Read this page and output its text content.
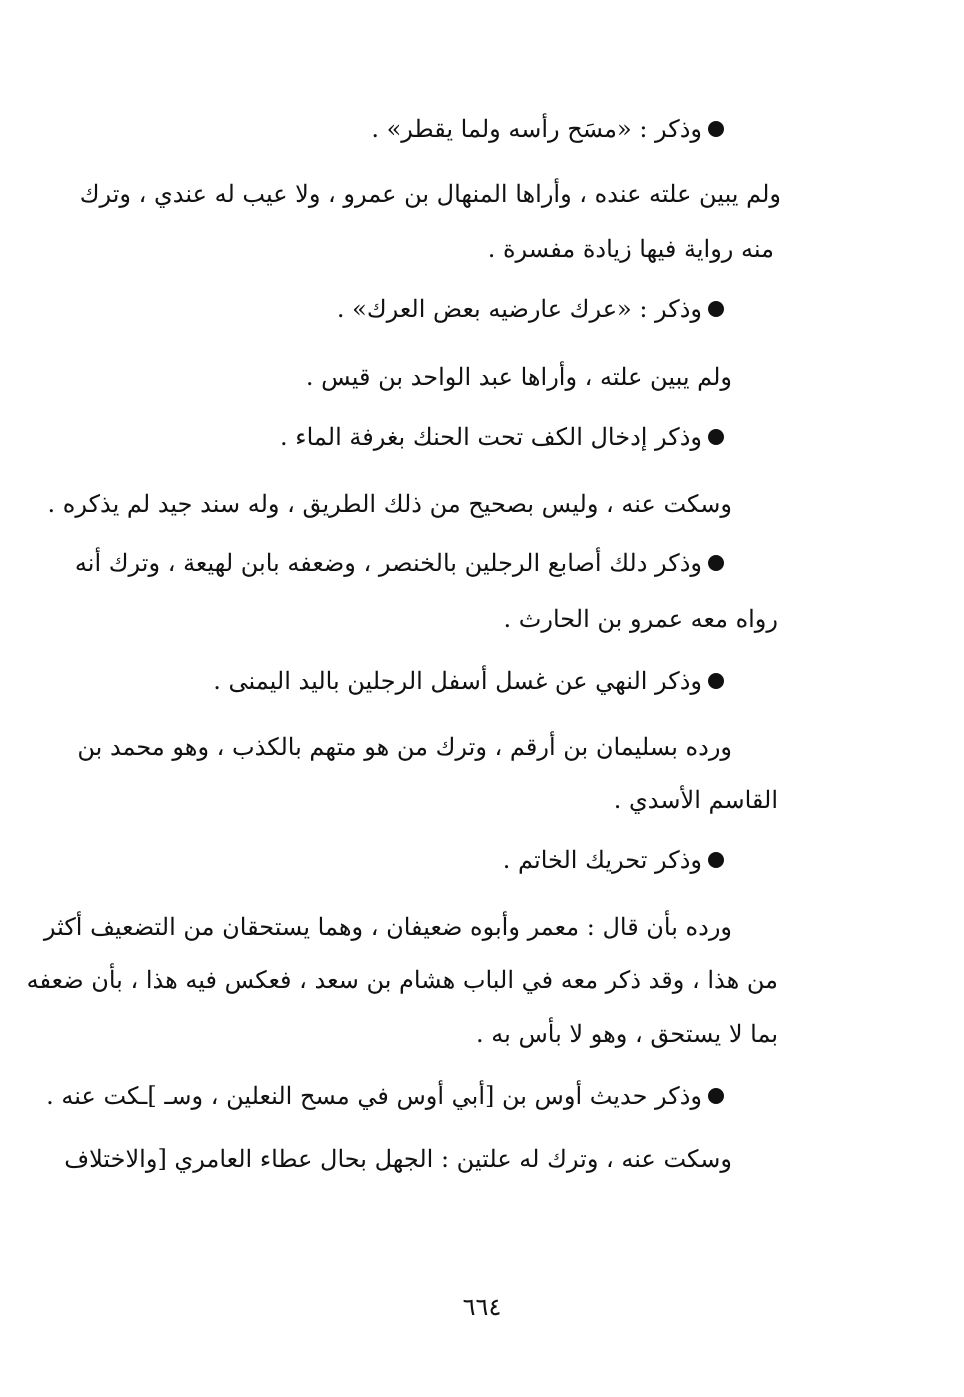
وذكر : «مسَح رأسه ولما يقطر» .
ولم يبين علته عنده ، وأراها المنهال بن عمرو ، ولا عيب له عندي ، وترك
منه رواية فيها زيادة مفسرة .
وذكر : «عرك عارضيه بعض العرك» .
ولم يبين علته ، وأراها عبد الواحد بن قيس .
وذكر إدخال الكف تحت الحنك بغرفة الماء .
وسكت عنه ، وليس بصحيح من ذلك الطريق ، وله سند جيد لم يذكره .
وذكر دلك أصابع الرجلين بالخنصر ، وضعفه بابن لهيعة ، وترك أنه
رواه معه عمرو بن الحارث .
وذكر النهي عن غسل أسفل الرجلين باليد اليمنى .
ورده بسليمان بن أرقم ، وترك من هو متهم بالكذب ، وهو محمد بن
القاسم الأسدي .
وذكر تحريك الخاتم .
ورده بأن قال : معمر وأبوه ضعيفان ، وهما يستحقان من التضعيف أكثر
من هذا ، وقد ذكر معه في الباب هشام بن سعد ، فعكس فيه هذا ، بأن ضعفه
بما لا يستحق ، وهو لا بأس به .
وذكر حديث أوس بن [أبي أوس في مسح النعلين ، وسـ ]ـكت عنه .
وسكت عنه ، وترك له علتين : الجهل بحال عطاء العامري [والاختلاف
٦٦٤
